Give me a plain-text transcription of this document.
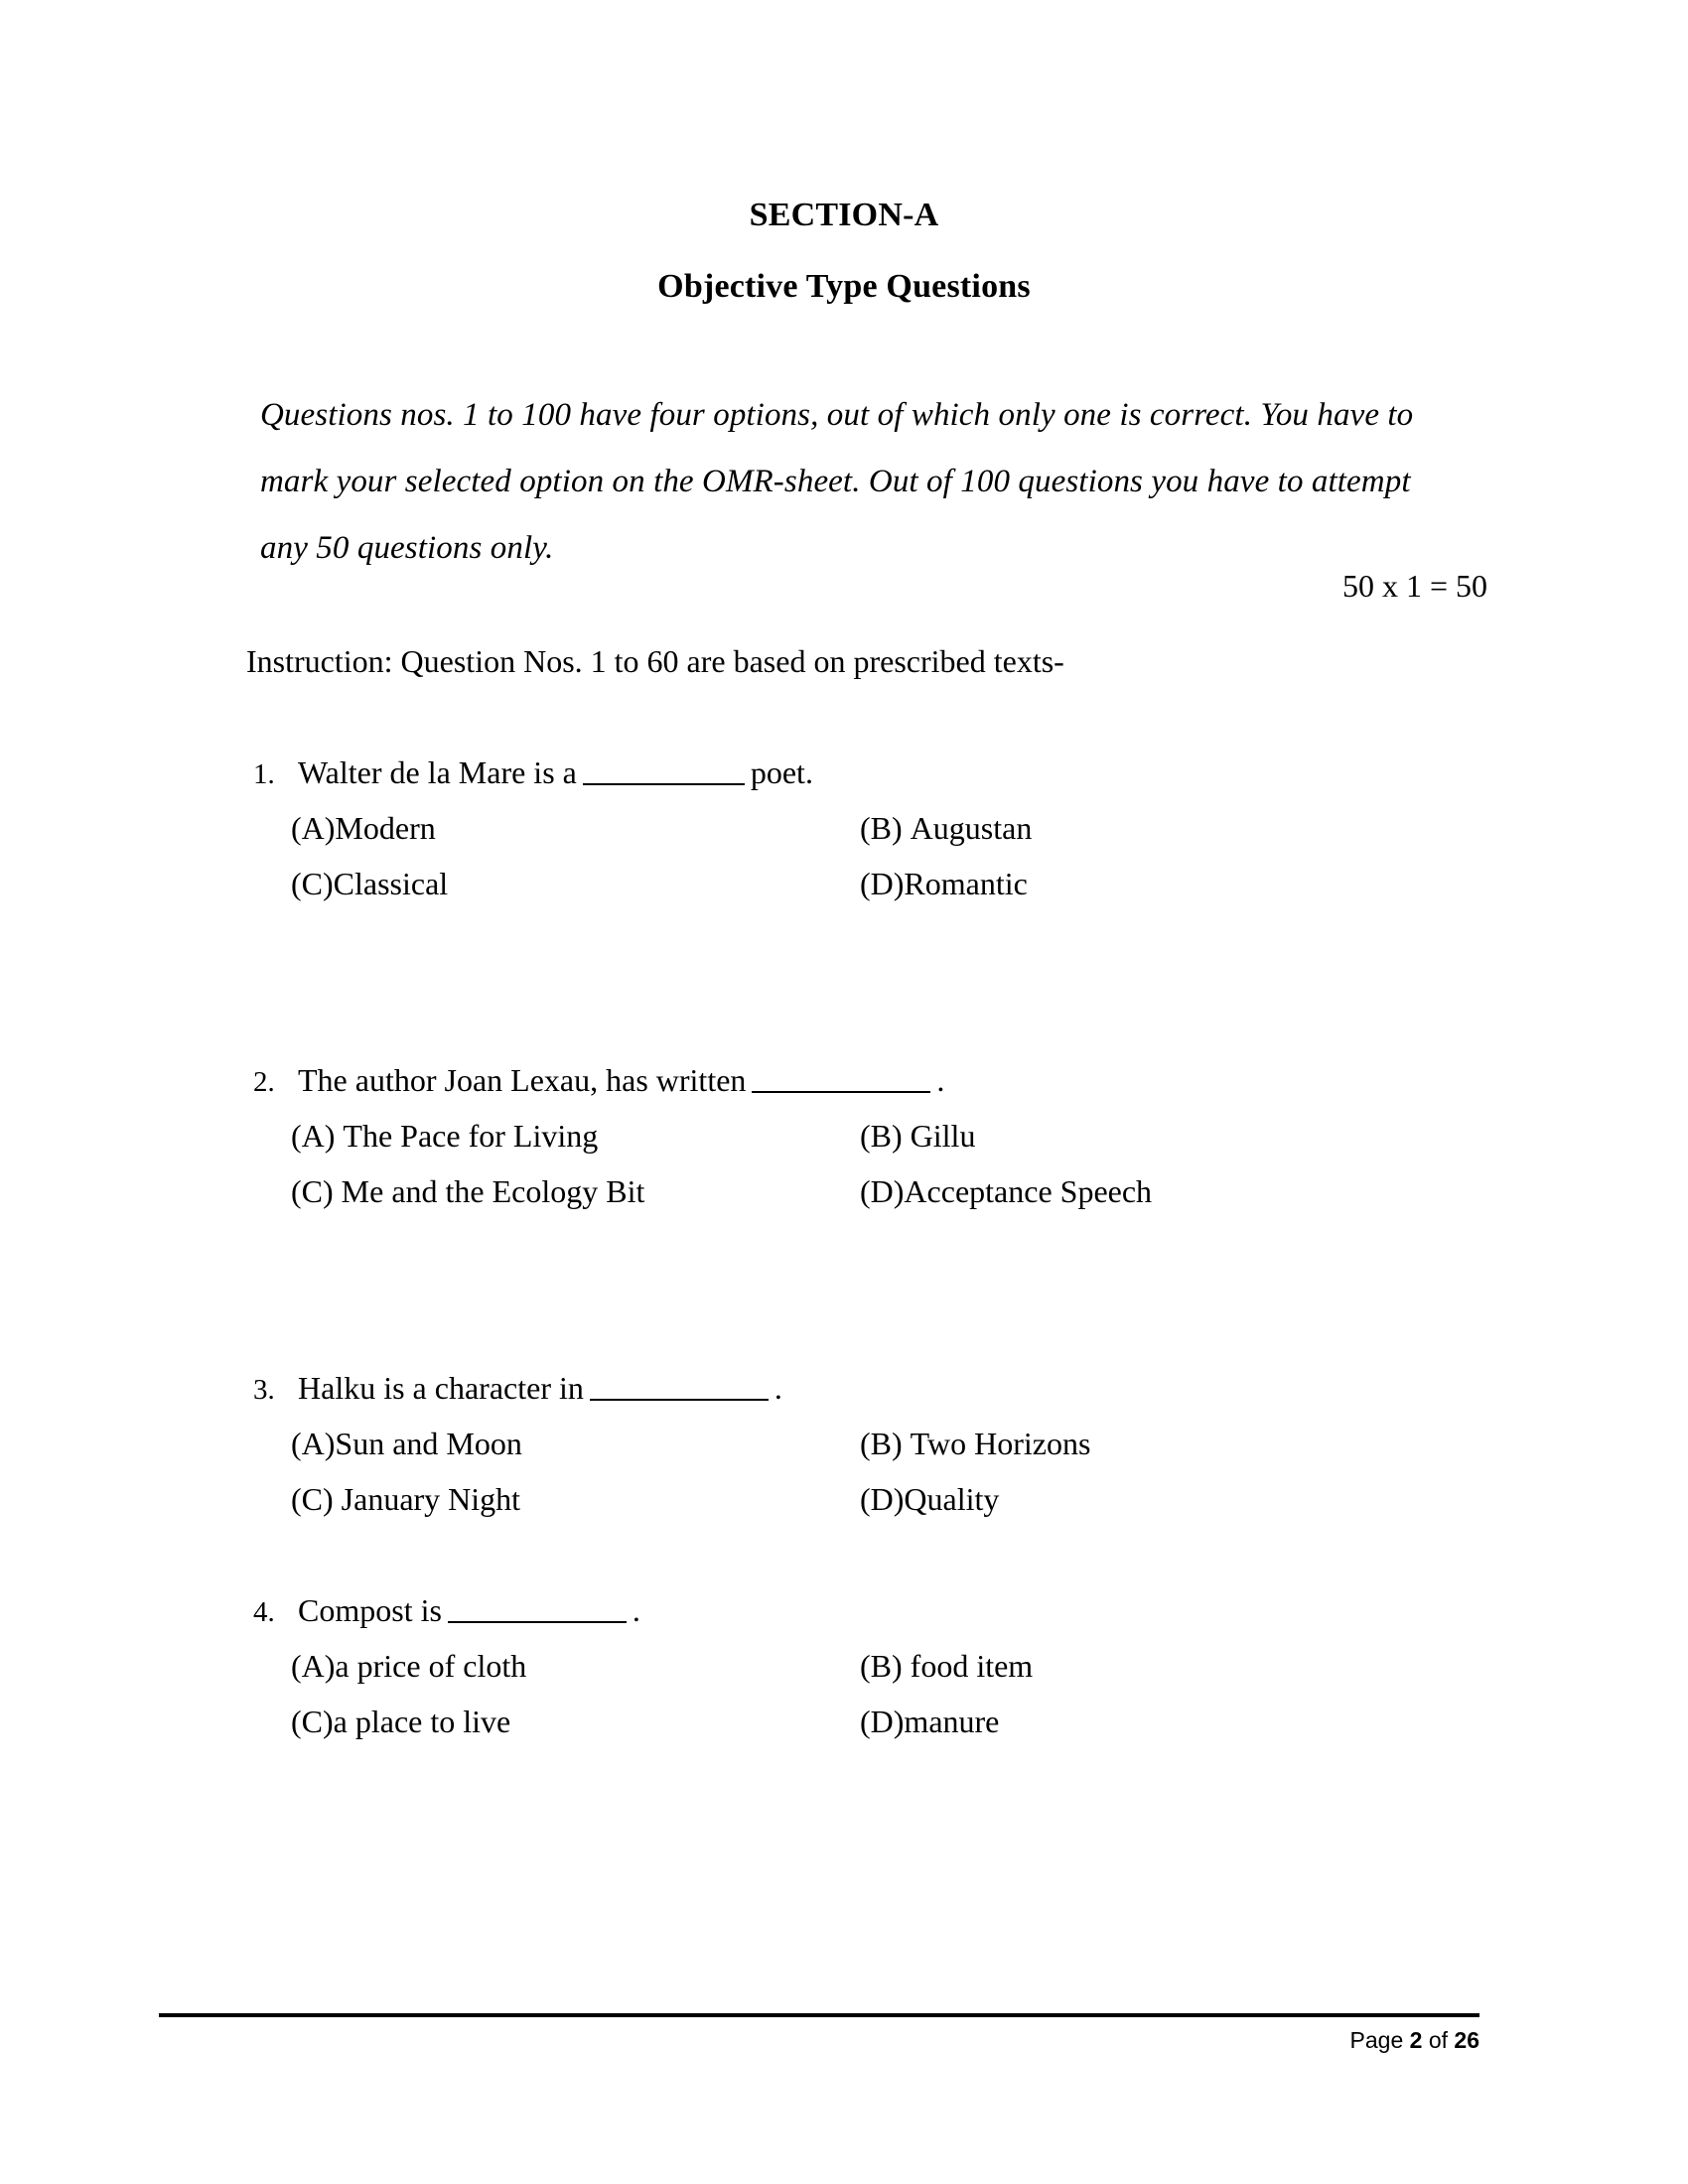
SECTION-A
Objective Type Questions
Questions nos. 1 to 100 have four options, out of which only one is correct. You have to mark your selected option on the OMR-sheet. Out of 100 questions you have to attempt any 50 questions only.
50 x 1 = 50
Instruction: Question Nos. 1 to 60 are based on prescribed texts-
1. Walter de la Mare is a	poet.
(A)Modern	(B) Augustan
(C)Classical	(D)Romantic
2. The author Joan Lexau, has written	.
(A) The Pace for Living	(B) Gillu
(C) Me and the Ecology Bit	(D)Acceptance Speech
3. Halku is a character in	.
(A)Sun and Moon	(B) Two Horizons
(C) January Night	(D)Quality
4. Compost is	.
(A)a price of cloth	(B) food item
(C)a place to live	(D)manure
Page 2 of 26
